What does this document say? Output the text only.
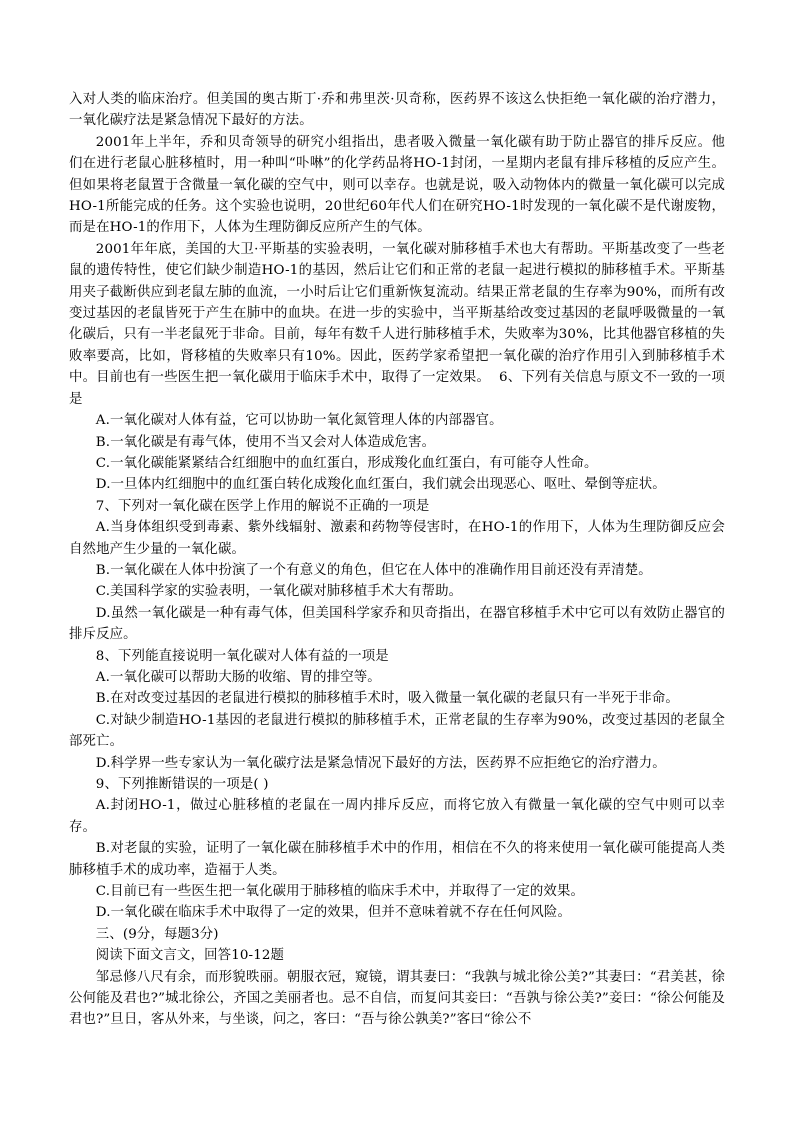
入对人类的临床治疗。但美国的奥古斯丁·乔和弗里茨·贝奇称，医药界不该这么快拒绝一氧化碳的治疗潜力，一氧化碳疗法是紧急情况下最好的方法。

2001年上半年，乔和贝奇领导的研究小组指出，患者吸入微量一氧化碳有助于防止器官的排斥反应。他们在进行老鼠心脏移植时，用一种叫“卟啉”的化学药品将HO-1封闭，一星期内老鼠有排斥移植的反应产生。但如果将老鼠置于含微量一氧化碳的空气中，则可以幸存。也就是说，吸入动物体内的微量一氧化碳可以完成HO-1所能完成的任务。这个实验也说明，20世纪60年代人们在研究HO-1时发现的一氧化碳不是代谢废物，而是在HO-1的作用下，人体为生理防御反应所产生的气体。

2001年年底，美国的大卫·平斯基的实验表明，一氧化碳对肺移植手术也大有帮助。平斯基改变了一些老鼠的遗传特性，使它们缺少制造HO-1的基因，然后让它们和正常的老鼠一起进行模拟的肺移植手术。平斯基用夹子截断供应到老鼠左肺的血流，一小时后让它们重新恢复流动。结果正常老鼠的生存率为90%，而所有改变过基因的老鼠皆死于产生在肺中的血块。在进一步的实验中，当平斯基给改变过基因的老鼠呼吸微量的一氧化碳后，只有一半老鼠死于非命。目前，每年有数千人进行肺移植手术，失败率为30%，比其他器官移植的失败率要高，比如，肾移植的失败率只有10%。因此，医药学家希望把一氧化碳的治疗作用引入到肺移植手术中。目前也有一些医生把一氧化碳用于临床手术中，取得了一定效果。 6、下列有关信息与原文不一致的一项是

A.一氧化碳对人体有益，它可以协助一氧化氮管理人体的内部器官。

B.一氧化碳是有毒气体，使用不当又会对人体造成危害。

C.一氧化碳能紧紧结合红细胞中的血红蛋白，形成羧化血红蛋白，有可能夺人性命。

D.一旦体内红细胞中的血红蛋白转化成羧化血红蛋白，我们就会出现恶心、呕吐、晕倒等症状。

7、下列对一氧化碳在医学上作用的解说不正确的一项是

A.当身体组织受到毒素、紫外线辐射、激素和药物等侵害时，在HO-1的作用下，人体为生理防御反应会自然地产生少量的一氧化碳。

B.一氧化碳在人体中扮演了一个有意义的角色，但它在人体中的准确作用目前还没有弄清楚。

C.美国科学家的实验表明，一氧化碳对肺移植手术大有帮助。

D.虽然一氧化碳是一种有毒气体，但美国科学家乔和贝奇指出，在器官移植手术中它可以有效防止器官的排斥反应。

8、下列能直接说明一氧化碳对人体有益的一项是

A.一氧化碳可以帮助大肠的收缩、胃的排空等。

B.在对改变过基因的老鼠进行模拟的肺移植手术时，吸入微量一氧化碳的老鼠只有一半死于非命。

C.对缺少制造HO-1基因的老鼠进行模拟的肺移植手术，正常老鼠的生存率为90%，改变过基因的老鼠全部死亡。

D.科学界一些专家认为一氧化碳疗法是紧急情况下最好的方法，医药界不应拒绝它的治疗潜力。

9、下列推断错误的一项是( )

A.封闭HO-1，做过心脏移植的老鼠在一周内排斥反应，而将它放入有微量一氧化碳的空气中则可以幸存。

B.对老鼠的实验，证明了一氧化碳在肺移植手术中的作用，相信在不久的将来使用一氧化碳可能提高人类肺移植手术的成功率，造福于人类。

C.目前已有一些医生把一氧化碳用于肺移植的临床手术中，并取得了一定的效果。

D.一氧化碳在临床手术中取得了一定的效果，但并不意味着就不存在任何风险。

三、(9分，每题3分)

阅读下面文言文，回答10-12题

邹忌修八尺有余，而形貌昳丽。朝服衣冠，窥镜，谓其妻曰：“我孰与城北徐公美?”其妻曰：“君美甚，徐公何能及君也?”城北徐公，齐国之美丽者也。忌不自信，而复问其妾曰：“吾孰与徐公美?”妾曰：“徐公何能及君也?”旦日，客从外来，与坐谈，问之，客曰：“吾与徐公孰美?”客曰“徐公不
